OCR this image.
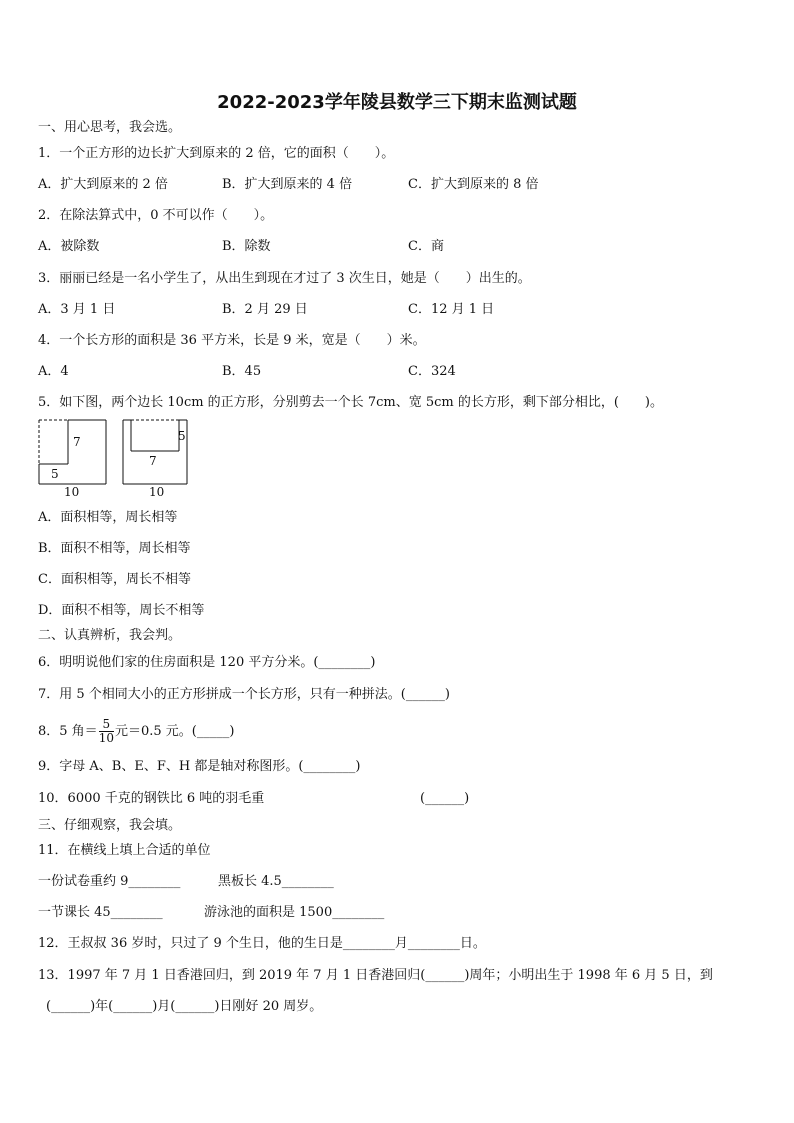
2022-2023学年陵县数学三下期末监测试题
一、用心思考，我会选。
1．一个正方形的边长扩大到原来的 2 倍，它的面积（　　）。
A．扩大到原来的 2 倍	B．扩大到原来的 4 倍	C．扩大到原来的 8 倍
2．在除法算式中，0 不可以作（　　）。
A．被除数	B．除数	C．商
3．丽丽已经是一名小学生了，从出生到现在才过了 3 次生日，她是（　　）出生的。
A．3 月 1 日	B．2 月 29 日	C．12 月 1 日
4．一个长方形的面积是 36 平方米，长是 9 米，宽是（　　）米。
A．4	B．45	C．324
5．如下图，两个边长 10cm 的正方形，分别剪去一个长 7cm、宽 5cm 的长方形，剩下部分相比，(　　)。
7
5
10
5
7
10
A．面积相等，周长相等
B．面积不相等，周长相等
C．面积相等，周长不相等
D．面积不相等，周长不相等
二、认真辨析，我会判。
6．明明说他们家的住房面积是 120 平方分米。(________)
7．用 5 个相同大小的正方形拼成一个长方形，只有一种拼法。(______)
8．5 角＝ $\frac{5}{10}$ 元＝0.5 元。(_____)
9．字母 A、B、E、F、H 都是轴对称图形。(________)
10．6000 千克的钢铁比 6 吨的羽毛重	(______)
三、仔细观察，我会填。
11．在横线上填上合适的单位
一份试卷重约 9________	黑板长 4.5________
一节课长 45________	游泳池的面积是 1500________
12．王叔叔 36 岁时，只过了 9 个生日，他的生日是________月________日。
13．1997 年 7 月 1 日香港回归，到 2019 年 7 月 1 日香港回归(______)周年；小明出生于 1998 年 6 月 5 日，到
(______)年(______)月(______)日刚好 20 周岁。
